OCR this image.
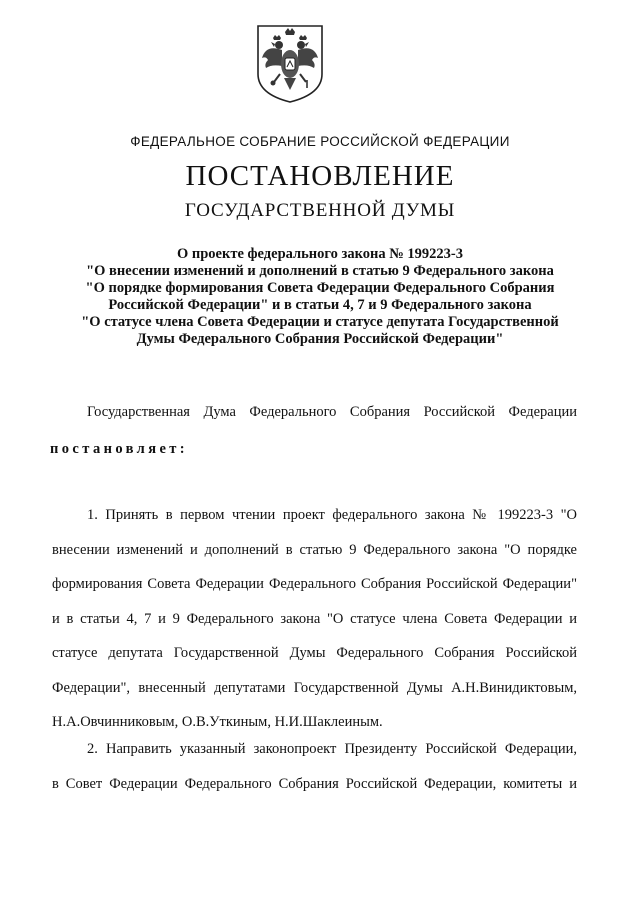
ФЕДЕРАЛЬНОЕ СОБРАНИЕ РОССИЙСКОЙ ФЕДЕРАЦИИ
ПОСТАНОВЛЕНИЕ
ГОСУДАРСТВЕННОЙ ДУМЫ
О проекте федерального закона № 199223-3
"О внесении изменений и дополнений в статью 9 Федерального закона
"О порядке формирования Совета Федерации Федерального Собрания
Российской Федерации" и в статьи 4, 7 и 9 Федерального закона
"О статусе члена Совета Федерации и статусе депутата Государственной
Думы Федерального Собрания Российской Федерации"
Государственная Дума Федерального Собрания Российской Федерации
постановляет:
1. Принять в первом чтении проект федерального закона № 199223-3 "О
внесении изменений и дополнений в статью 9 Федерального закона "О порядке
формирования Совета Федерации Федерального Собрания Российской Федерации"
и в статьи 4, 7 и 9 Федерального закона "О статусе члена Совета Федерации и
статусе депутата Государственной Думы Федерального Собрания Российской
Федерации", внесенный депутатами Государственной Думы А.Н.Винидиктовым,
Н.А.Овчинниковым, О.В.Уткиным, Н.И.Шаклеиным.
2. Направить указанный законопроект Президенту Российской Федерации,
в Совет Федерации Федерального Собрания Российской Федерации, комитеты и
